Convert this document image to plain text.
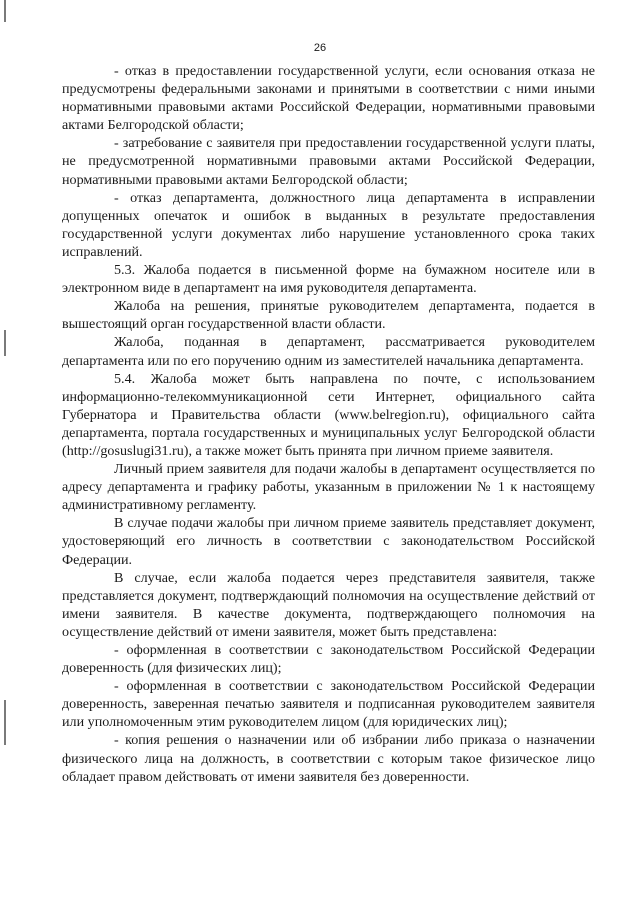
26

- отказ в предоставлении государственной услуги, если основания отказа не предусмотрены федеральными законами и принятыми в соответствии с ними иными нормативными правовыми актами Российской Федерации, нормативными правовыми актами Белгородской области;

- затребование с заявителя при предоставлении государственной услуги платы, не предусмотренной нормативными правовыми актами Российской Федерации, нормативными правовыми актами Белгородской области;

- отказ департамента, должностного лица департамента в исправлении допущенных опечаток и ошибок в выданных в результате предоставления государственной услуги документах либо нарушение установленного срока таких исправлений.

5.3. Жалоба подается в письменной форме на бумажном носителе или в электронном виде в департамент на имя руководителя департамента.

Жалоба на решения, принятые руководителем департамента, подается в вышестоящий орган государственной власти области.

Жалоба, поданная в департамент, рассматривается руководителем департамента или по его поручению одним из заместителей начальника департамента.

5.4. Жалоба может быть направлена по почте, с использованием информационно-телекоммуникационной сети Интернет, официального сайта Губернатора и Правительства области (www.belregion.ru), официального сайта департамента, портала государственных и муниципальных услуг Белгородской области (http://gosuslugi31.ru), а также может быть принята при личном приеме заявителя.

Личный прием заявителя для подачи жалобы в департамент осуществляется по адресу департамента и графику работы, указанным в приложении № 1 к настоящему административному регламенту.

В случае подачи жалобы при личном приеме заявитель представляет документ, удостоверяющий его личность в соответствии с законодательством Российской Федерации.

В случае, если жалоба подается через представителя заявителя, также представляется документ, подтверждающий полномочия на осуществление действий от имени заявителя. В качестве документа, подтверждающего полномочия на осуществление действий от имени заявителя, может быть представлена:

- оформленная в соответствии с законодательством Российской Федерации доверенность (для физических лиц);

- оформленная в соответствии с законодательством Российской Федерации доверенность, заверенная печатью заявителя и подписанная руководителем заявителя или уполномоченным этим руководителем лицом (для юридических лиц);

- копия решения о назначении или об избрании либо приказа о назначении физического лица на должность, в соответствии с которым такое физическое лицо обладает правом действовать от имени заявителя без доверенности.
